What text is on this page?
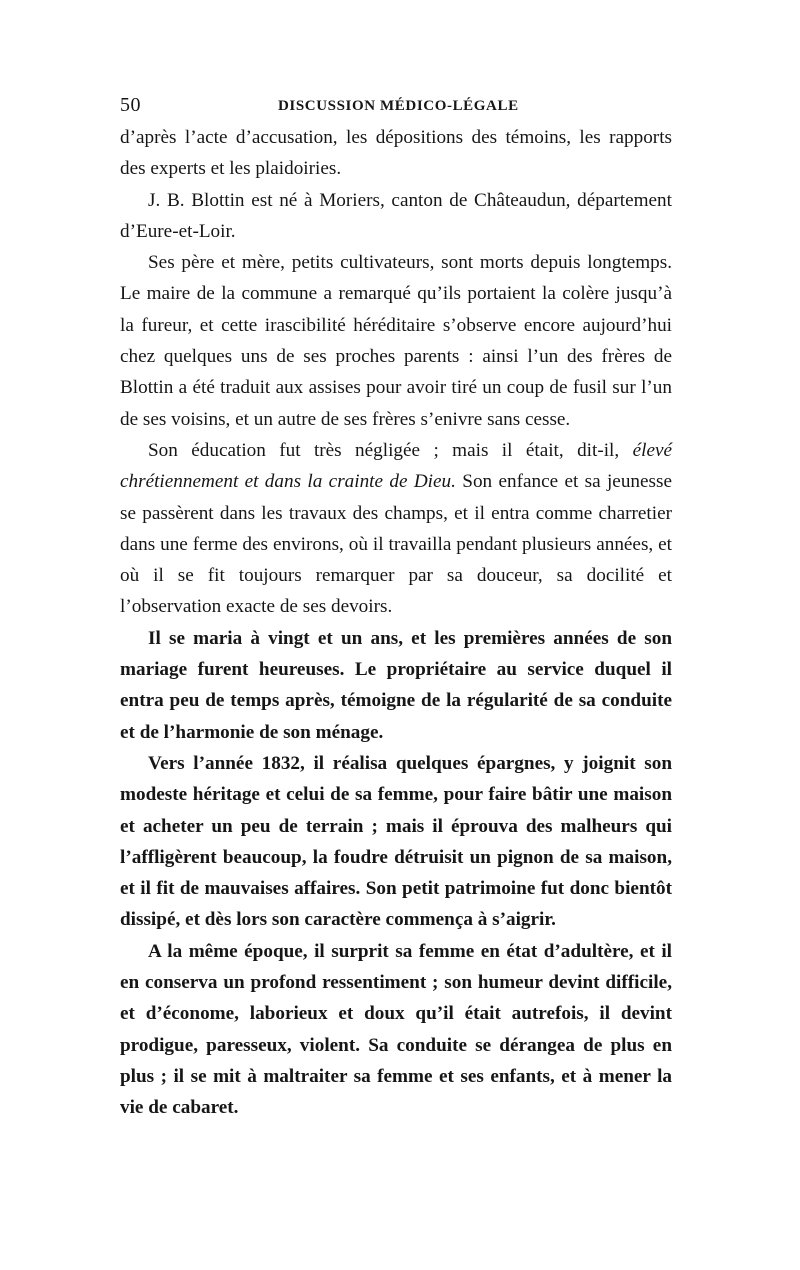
50	DISCUSSION MÉDICO-LÉGALE

d’après l’acte d’accusation, les dépositions des témoins, les rapports des experts et les plaidoiries.

J. B. Blottin est né à Moriers, canton de Châteaudun, département d’Eure-et-Loir.

Ses père et mère, petits cultivateurs, sont morts depuis longtemps. Le maire de la commune a remarqué qu’ils portaient la colère jusqu’à la fureur, et cette irascibilité héréditaire s’observe encore aujourd’hui chez quelques uns de ses proches parents : ainsi l’un des frères de Blottin a été traduit aux assises pour avoir tiré un coup de fusil sur l’un de ses voisins, et un autre de ses frères s’enivre sans cesse.

Son éducation fut très négligée ; mais il était, dit-il, élevé chrétiennement et dans la crainte de Dieu. Son enfance et sa jeunesse se passèrent dans les travaux des champs, et il entra comme charretier dans une ferme des environs, où il travailla pendant plusieurs années, et où il se fit toujours remarquer par sa douceur, sa docilité et l’observation exacte de ses devoirs.

Il se maria à vingt et un ans, et les premières années de son mariage furent heureuses. Le propriétaire au service duquel il entra peu de temps après, témoigne de la régularité de sa conduite et de l’harmonie de son ménage.

Vers l’année 1832, il réalisa quelques épargnes, y joignit son modeste héritage et celui de sa femme, pour faire bâtir une maison et acheter un peu de terrain ; mais il éprouva des malheurs qui l’affligèrent beaucoup, la foudre détruisit un pignon de sa maison, et il fit de mauvaises affaires. Son petit patrimoine fut donc bientôt dissipé, et dès lors son caractère commença à s’aigrir.

A la même époque, il surprit sa femme en état d’adultère, et il en conserva un profond ressentiment ; son humeur devint difficile, et d’économe, laborieux et doux qu’il était autrefois, il devint prodigue, paresseux, violent. Sa conduite se dérangea de plus en plus ; il se mit à maltraiter sa femme et ses enfants, et à mener la vie de cabaret.
